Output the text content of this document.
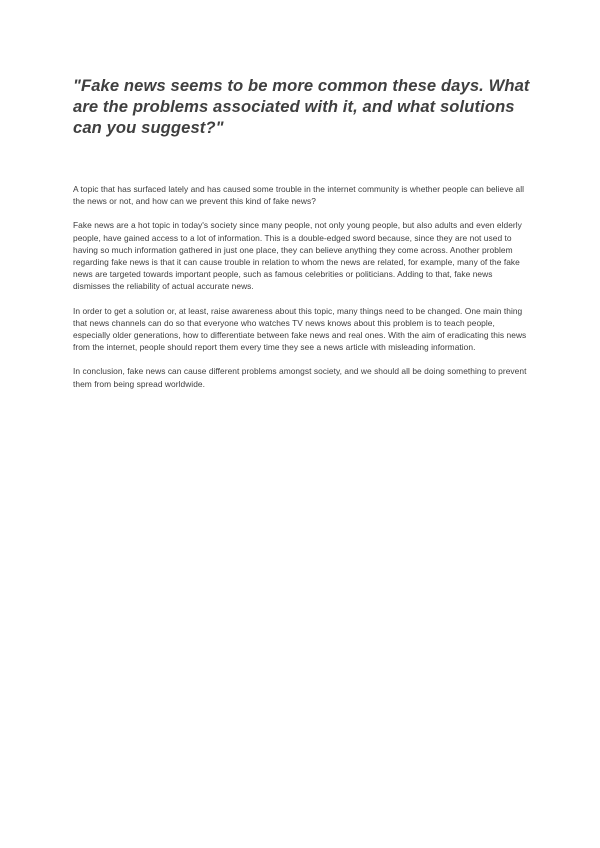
"Fake news seems to be more common these days. What are the problems associated with it, and what solutions can you suggest?"

A topic that has surfaced lately and has caused some trouble in the internet community is whether people can believe all the news or not, and how can we prevent this kind of fake news?

Fake news are a hot topic in today's society since many people, not only young people, but also adults and even elderly people, have gained access to a lot of information. This is a double-edged sword because, since they are not used to having so much information gathered in just one place, they can believe anything they come across. Another problem regarding fake news is that it can cause trouble in relation to whom the news are related, for example, many of the fake news are targeted towards important people, such as famous celebrities or politicians. Adding to that, fake news dismisses the reliability of actual accurate news.

In order to get a solution or, at least, raise awareness about this topic, many things need to be changed. One main thing that news channels can do so that everyone who watches TV news knows about this problem is to teach people, especially older generations, how to differentiate between fake news and real ones. With the aim of eradicating this news from the internet, people should report them every time they see a news article with misleading information.

In conclusion, fake news can cause different problems amongst society, and we should all be doing something to prevent them from being spread worldwide.
